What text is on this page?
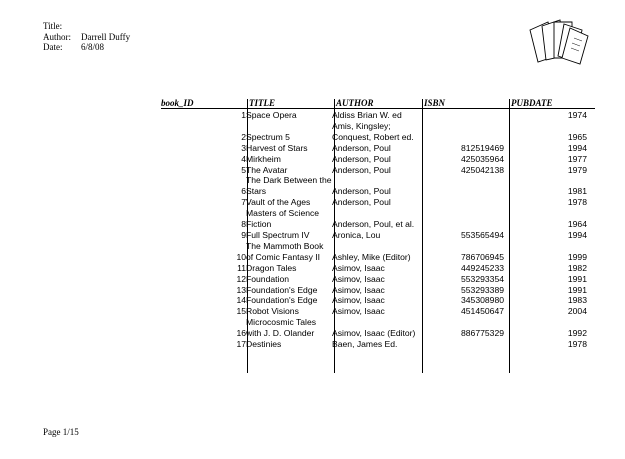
Title:
Author:	Darrell Duffy
Date:	6/8/08
book_ID	TITLE	AUTHOR	ISBN	PUBDATE
1	Space Opera	Aldiss Brian W. ed		1974
2	Spectrum 5	Amis, Kingsley; Conquest, Robert ed.		1965
3	Harvest of Stars	Anderson, Poul	812519469	1994
4	Mirkheim	Anderson, Poul	425035964	1977
5	The Avatar	Anderson, Poul	425042138	1979
6	The Dark Between the Stars	Anderson, Poul		1981
7	Vault of the Ages	Anderson, Poul		1978
8	Masters of Science Fiction	Anderson, Poul, et al.		1964
9	Full Spectrum IV	Aronica, Lou	553565494	1994
10	The Mammoth Book of Comic Fantasy II	Ashley, Mike (Editor)	786706945	1999
11	Dragon Tales	Asimov, Isaac	449245233	1982
12	Foundation	Asimov, Isaac	553293354	1991
13	Foundation's Edge	Asimov, Isaac	553293389	1991
14	Foundation's Edge	Asimov, Isaac	345308980	1983
15	Robot Visions	Asimov, Isaac	451450647	2004
16	Microcosmic Tales with J. D. Olander	Asimov, Isaac (Editor)	886775329	1992
17	Destinies	Baen, James Ed.		1978
Page 1/15
